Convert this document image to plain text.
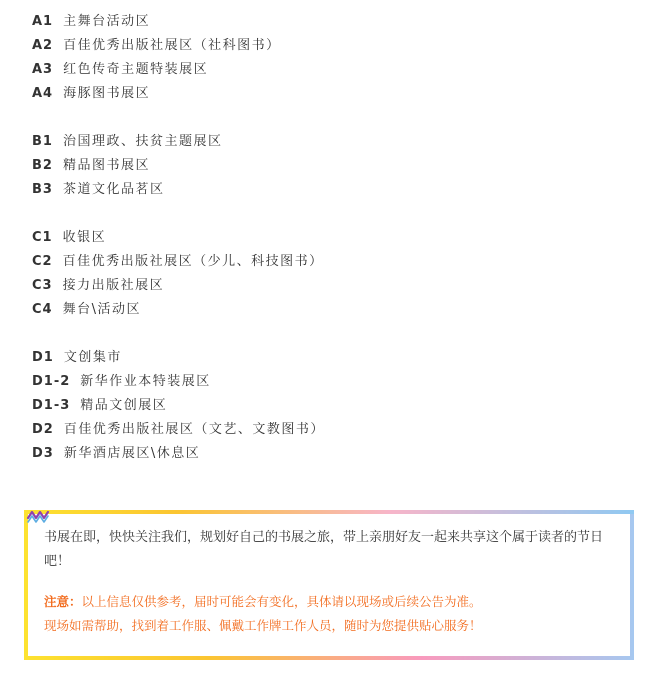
A1 主舞台活动区
A2 百佳优秀出版社展区（社科图书）
A3 红色传奇主题特装展区
A4 海豚图书展区
B1 治国理政、扶贫主题展区
B2 精品图书展区
B3 茶道文化品茗区
C1 收银区
C2 百佳优秀出版社展区（少儿、科技图书）
C3 接力出版社展区
C4 舞台\活动区
D1 文创集市
D1-2 新华作业本特装展区
D1-3 精品文创展区
D2 百佳优秀出版社展区（文艺、文教图书）
D3 新华酒店展区\休息区

书展在即，快快关注我们，规划好自己的书展之旅，带上亲朋好友一起来共享这个属于读者的节日吧！

注意：以上信息仅供参考，届时可能会有变化，具体请以现场或后续公告为准。
现场如需帮助，找到着工作服、佩戴工作牌工作人员，随时为您提供贴心服务！
